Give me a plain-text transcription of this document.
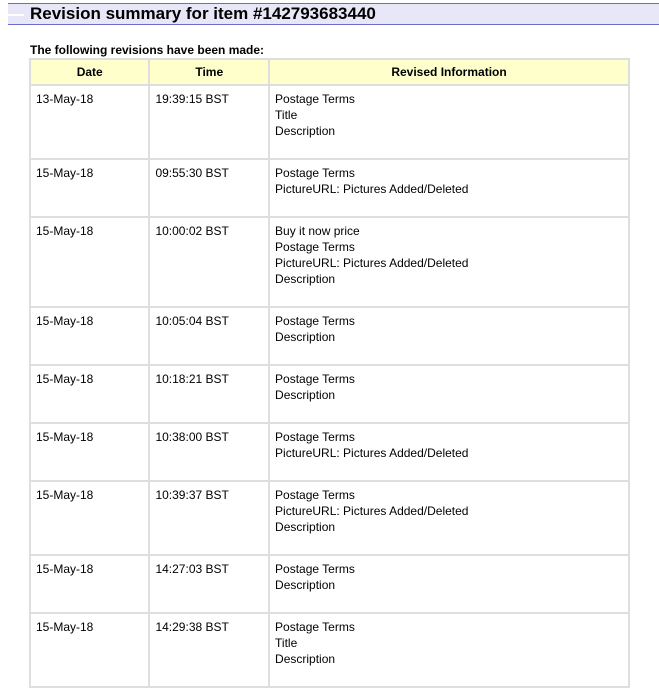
Revision summary for item #142793683440
The following revisions have been made:
Date	Time	Revised Information
13-May-18	19:39:15 BST	Postage Terms
Title
Description

15-May-18	09:55:30 BST	Postage Terms
PictureURL: Pictures Added/Deleted

15-May-18	10:00:02 BST	Buy it now price
Postage Terms
PictureURL: Pictures Added/Deleted
Description

15-May-18	10:05:04 BST	Postage Terms
Description

15-May-18	10:18:21 BST	Postage Terms
Description

15-May-18	10:38:00 BST	Postage Terms
PictureURL: Pictures Added/Deleted

15-May-18	10:39:37 BST	Postage Terms
PictureURL: Pictures Added/Deleted
Description

15-May-18	14:27:03 BST	Postage Terms
Description

15-May-18	14:29:38 BST	Postage Terms
Title
Description
